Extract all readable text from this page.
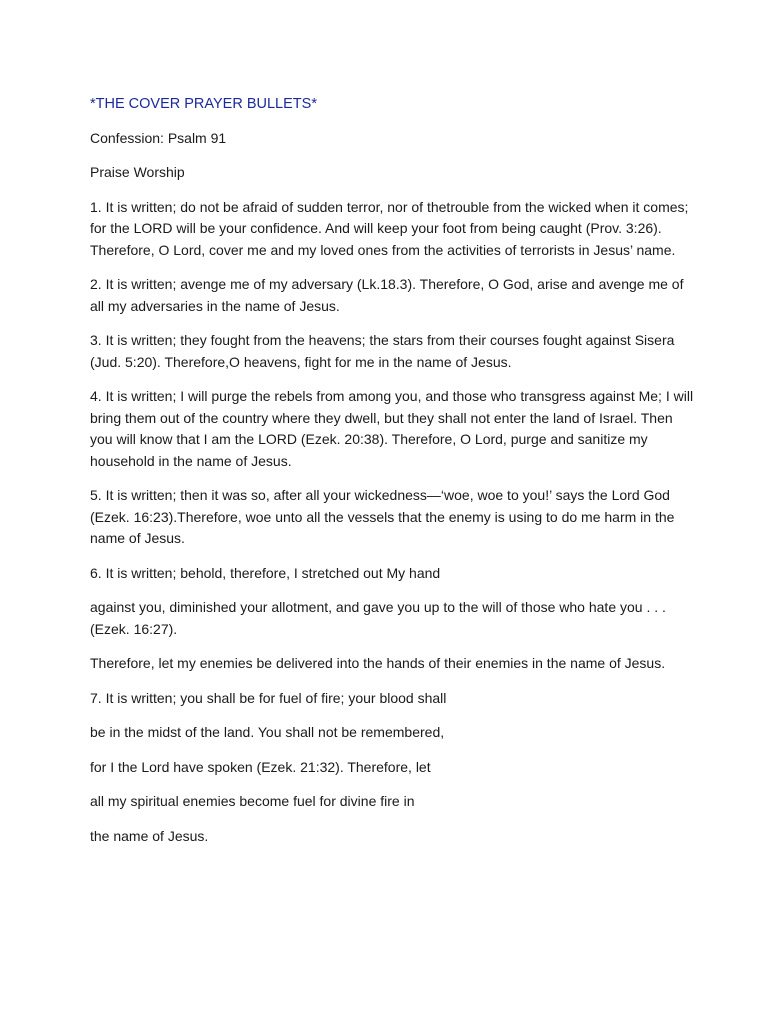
*THE COVER PRAYER BULLETS*

Confession: Psalm 91

Praise Worship

1. It is written; do not be afraid of sudden terror, nor of thetrouble from the wicked when it comes; for the LORD will be your confidence. And will keep your foot from being caught (Prov. 3:26). Therefore, O Lord, cover me and my loved ones from the activities of terrorists in Jesus’ name.

2. It is written; avenge me of my adversary (Lk.18.3). Therefore, O God, arise and avenge me of all my adversaries in the name of Jesus.

3. It is written; they fought from the heavens; the stars from their courses fought against Sisera (Jud. 5:20). Therefore,O heavens, fight for me in the name of Jesus.

4. It is written; I will purge the rebels from among you, and those who transgress against Me; I will bring them out of the country where they dwell, but they shall not enter the land of Israel. Then you will know that I am the LORD (Ezek. 20:38). Therefore, O Lord, purge and sanitize my household in the name of Jesus.

5. It is written; then it was so, after all your wickedness—‘woe, woe to you!’ says the Lord God (Ezek. 16:23).Therefore, woe unto all the vessels that the enemy is using to do me harm in the name of Jesus.

6. It is written; behold, therefore, I stretched out My hand

against you, diminished your allotment, and gave you up to the will of those who hate you . . . (Ezek. 16:27).

Therefore, let my enemies be delivered into the hands of their enemies in the name of Jesus.

7. It is written; you shall be for fuel of fire; your blood shall

be in the midst of the land. You shall not be remembered,

for I the Lord have spoken (Ezek. 21:32). Therefore, let

all my spiritual enemies become fuel for divine fire in

the name of Jesus.
